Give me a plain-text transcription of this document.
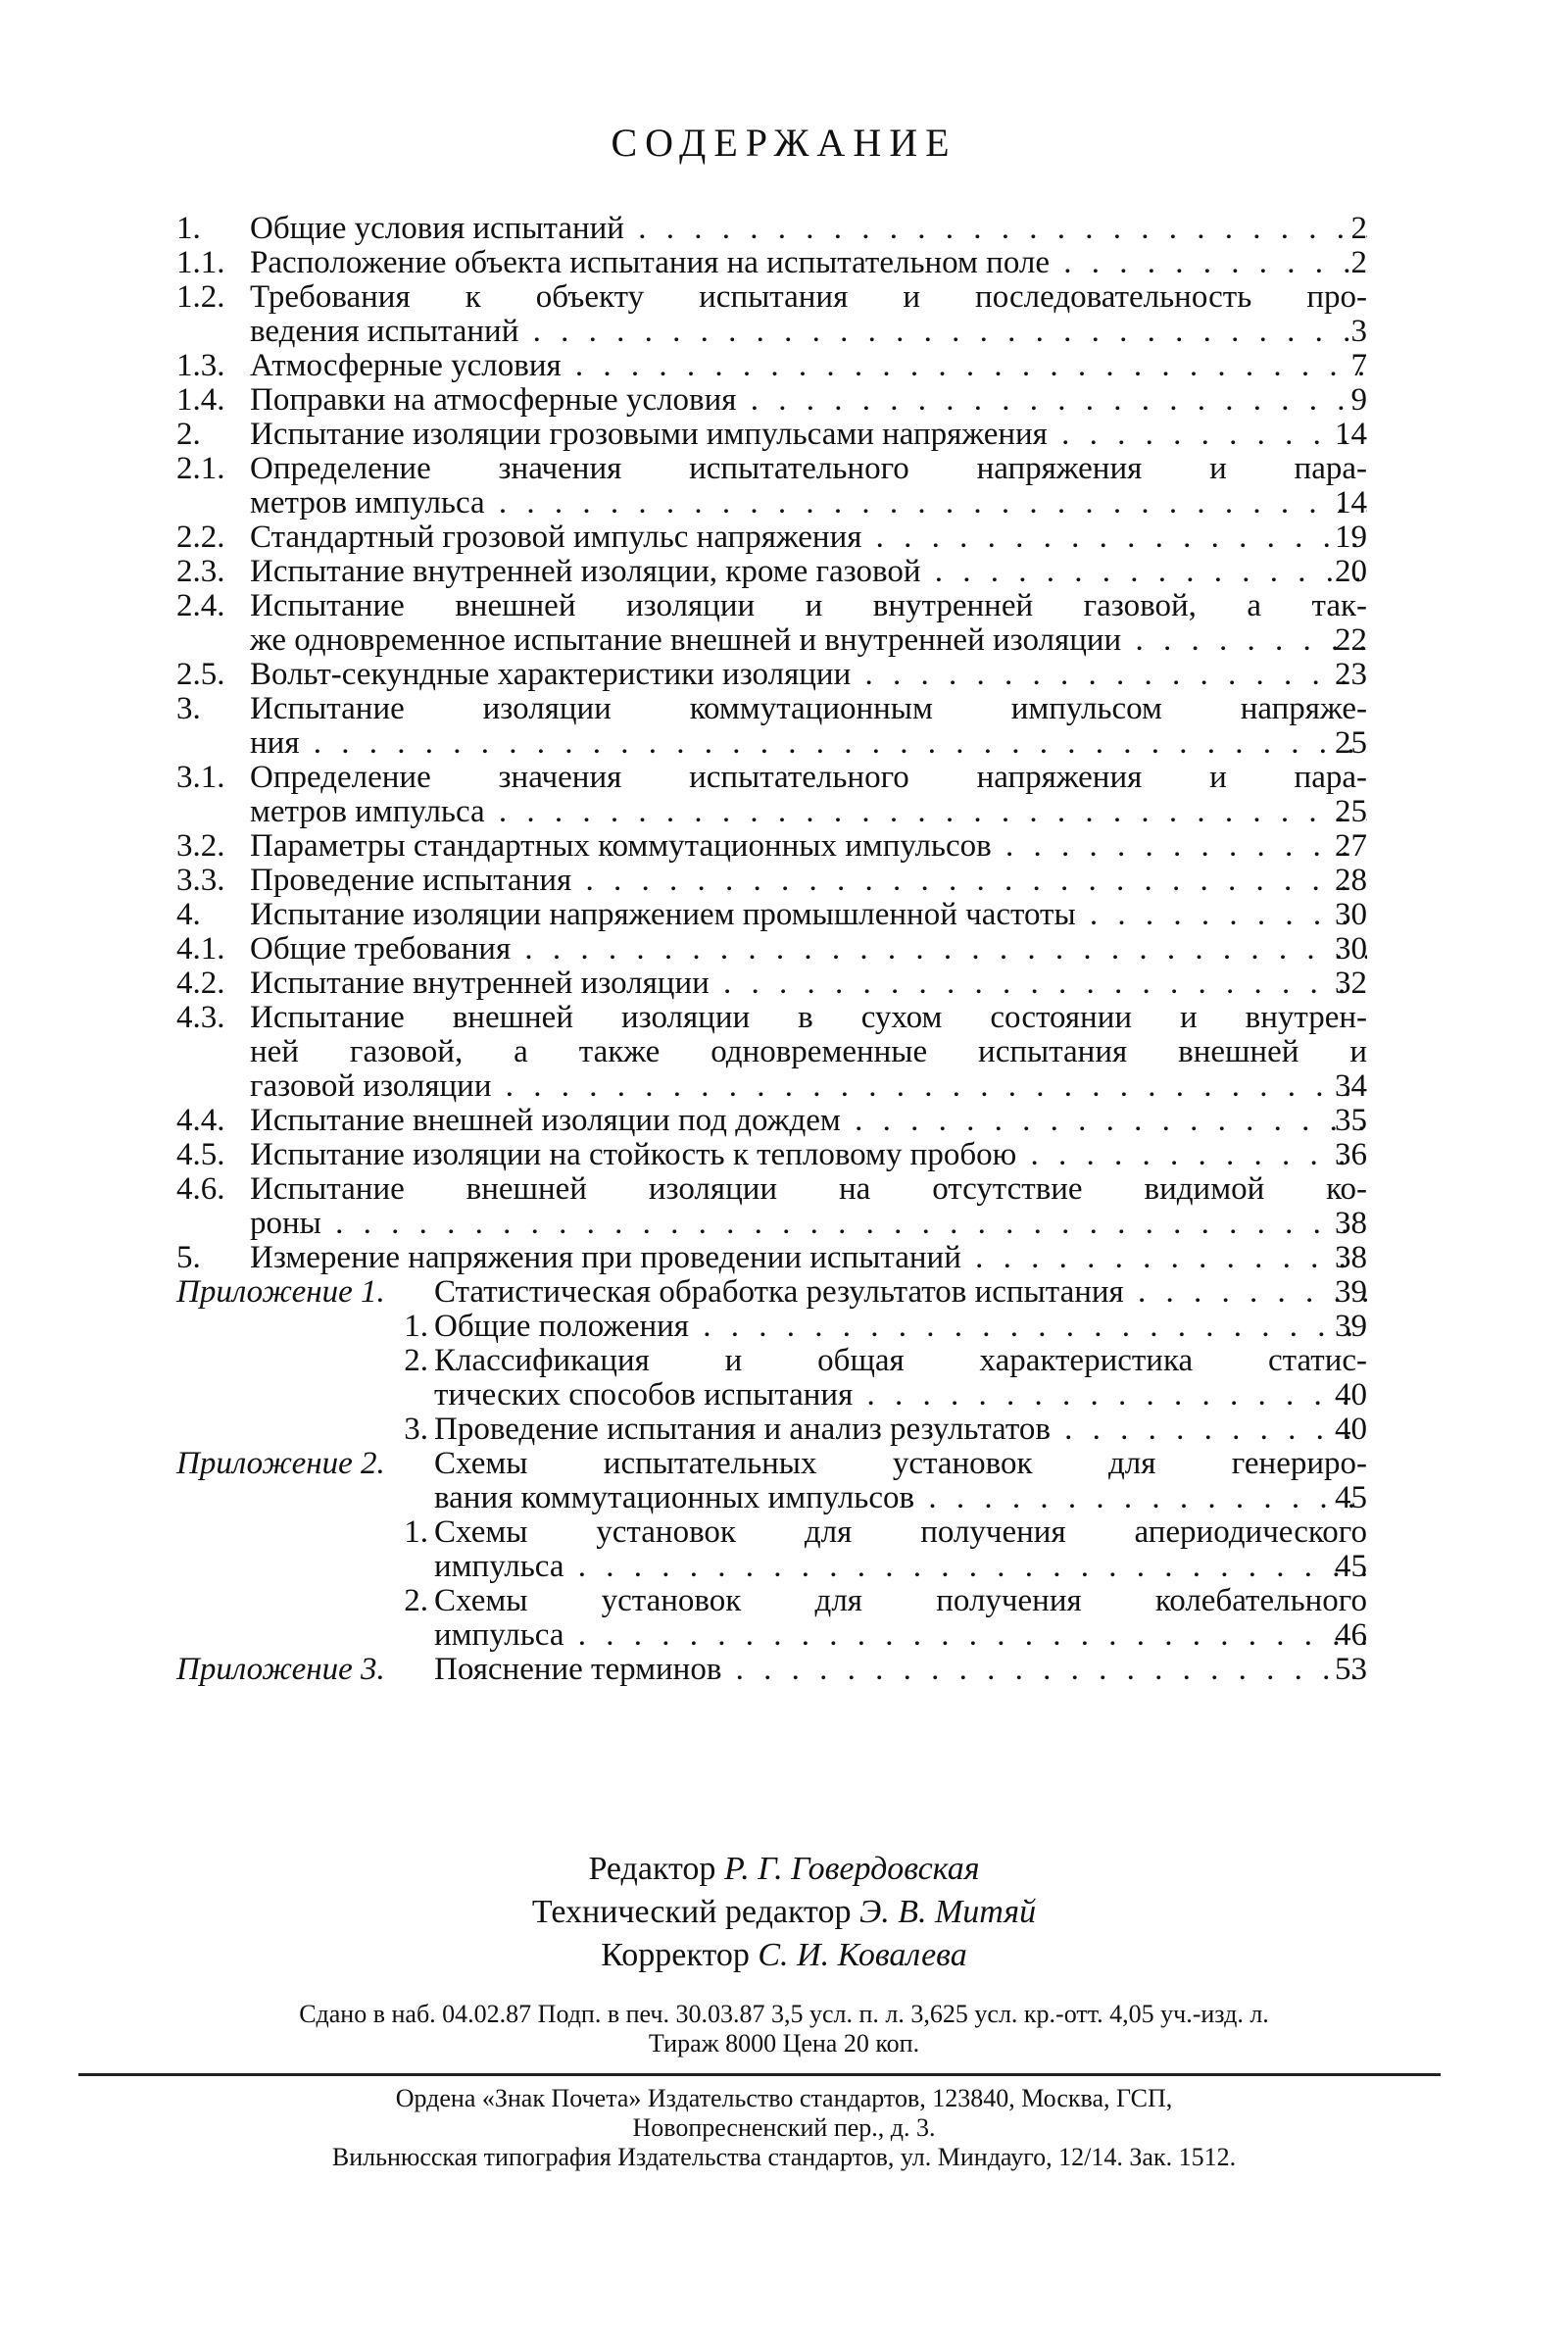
СОДЕРЖАНИЕ
1.	Общие условия испытаний . . .	2
1.1. Расположение объекта испытания на испытательном поле . . .	2
1.2. Требования к объекту испытания и последовательность про-
ведения испытаний . . .	3
1.3. Атмосферные условия . . .	7
1.4. Поправки на атмосферные условия . . .	9
2.	Испытание изоляции грозовыми импульсами напряжения . . .	14
2.1. Определение значения испытательного напряжения и пара-
метров импульса . . .	14
2.2. Стандартный грозовой импульс напряжения . . .	19
2.3. Испытание внутренней изоляции, кроме газовой . . .	20
2.4. Испытание внешней изоляции и внутренней газовой, а так-
же одновременное испытание внешней и внутренней изоляции . . .	22
2.5. Вольт-секундные характеристики изоляции . . .	23
3.	Испытание изоляции коммутационным импульсом напряже-
ния . . .	25
3.1. Определение значения испытательного напряжения и пара-
метров импульса . . .	25
3.2. Параметры стандартных коммутационных импульсов . . .	27
3.3. Проведение испытания . . .	28
4.	Испытание изоляции напряжением промышленной частоты . . .	30
4.1. Общие требования . . .	30
4.2. Испытание внутренней изоляции . . .	32
4.3. Испытание внешней изоляции в сухом состоянии и внутрен-
ней газовой, а также одновременные испытания внешней и
газовой изоляции . . .	34
4.4. Испытание внешней изоляции под дождем . . .	35
4.5. Испытание изоляции на стойкость к тепловому пробою . . .	36
4.6. Испытание внешней изоляции на отсутствие видимой ко-
роны . . .	38
5.	Измерение напряжения при проведении испытаний . . .	38
Приложение 1.	Статистическая обработка результатов испытания . . .	39
1. Общие положения . . .	39
2. Классификация и общая характеристика статис-
тических способов испытания . . .	40
3. Проведение испытания и анализ результатов . . .	40
Приложение 2.	Схемы испытательных установок для генериро-
вания коммутационных импульсов . . .	45
1. Схемы установок для получения апериодического
импульса . . .	45
2. Схемы установок для получения колебательного
импульса . . .	46
Приложение 3.	Пояснение терминов . . .	53
Редактор Р. Г. Говердовская
Технический редактор Э. В. Митяй
Корректор С. И. Ковалева
Сдано в наб. 04.02.87 Подп. в печ. 30.03.87 3,5 усл. п. л. 3,625 усл. кр.-отт. 4,05 уч.-изд. л.
Тираж 8000 Цена 20 коп.
Ордена «Знак Почета» Издательство стандартов, 123840, Москва, ГСП,
Новопресненский пер., д. 3.
Вильнюсская типография Издательства стандартов, ул. Миндауго, 12/14. Зак. 1512.
